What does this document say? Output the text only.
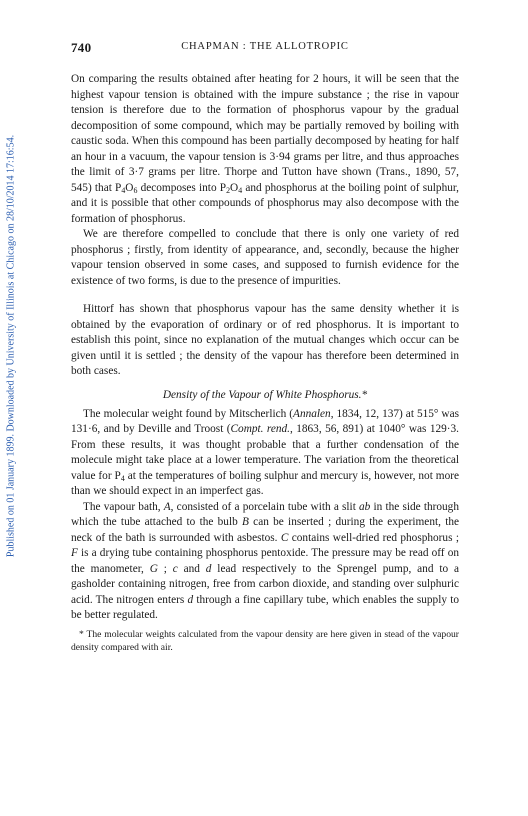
Published on 01 January 1899. Downloaded by University of Illinois at Chicago on 28/10/2014 17:16:54.
740	CHAPMAN : THE ALLOTROPIC

On comparing the results obtained after heating for 2 hours, it will be seen that the highest vapour tension is obtained with the impure substance ; the rise in vapour tension is therefore due to the formation of phosphorus vapour by the gradual decomposition of some compound, which may be partially removed by boiling with caustic soda. When this compound has been partially decomposed by heating for half an hour in a vacuum, the vapour tension is 3·94 grams per litre, and thus approaches the limit of 3·7 grams per litre. Thorpe and Tutton have shown (Trans., 1890, 57, 545) that $P_4O_6$ decomposes into $P_2O_4$ and phosphorus at the boiling point of sulphur, and it is possible that other compounds of phosphorus may also decompose with the formation of phosphorus.

We are therefore compelled to conclude that there is only one variety of red phosphorus ; firstly, from identity of appearance, and, secondly, because the higher vapour tension observed in some cases, and supposed to furnish evidence for the existence of two forms, is due to the presence of impurities.

Hittorf has shown that phosphorus vapour has the same density whether it is obtained by the evaporation of ordinary or of red phosphorus. It is important to establish this point, since no explanation of the mutual changes which occur can be given until it is settled ; the density of the vapour has therefore been determined in both cases.

Density of the Vapour of White Phosphorus.*

The molecular weight found by Mitscherlich (Annalen, 1834, 12, 137) at 515° was 131·6, and by Deville and Troost (Compt. rend., 1863, 56, 891) at 1040° was 129·3. From these results, it was thought probable that a further condensation of the molecule might take place at a lower temperature. The variation from the theoretical value for $P_4$ at the temperatures of boiling sulphur and mercury is, however, not more than we should expect in an imperfect gas.

The vapour bath, A, consisted of a porcelain tube with a slit ab in the side through which the tube attached to the bulb B can be inserted ; during the experiment, the neck of the bath is surrounded with asbestos. C contains well-dried red phosphorus ; F is a drying tube containing phosphorus pentoxide. The pressure may be read off on the manometer, G ; c and d lead respectively to the Sprengel pump, and to a gasholder containing nitrogen, free from carbon dioxide, and standing over sulphuric acid. The nitrogen enters d through a fine capillary tube, which enables the supply to be better regulated.

* The molecular weights calculated from the vapour density are here given in stead of the vapour density compared with air.
